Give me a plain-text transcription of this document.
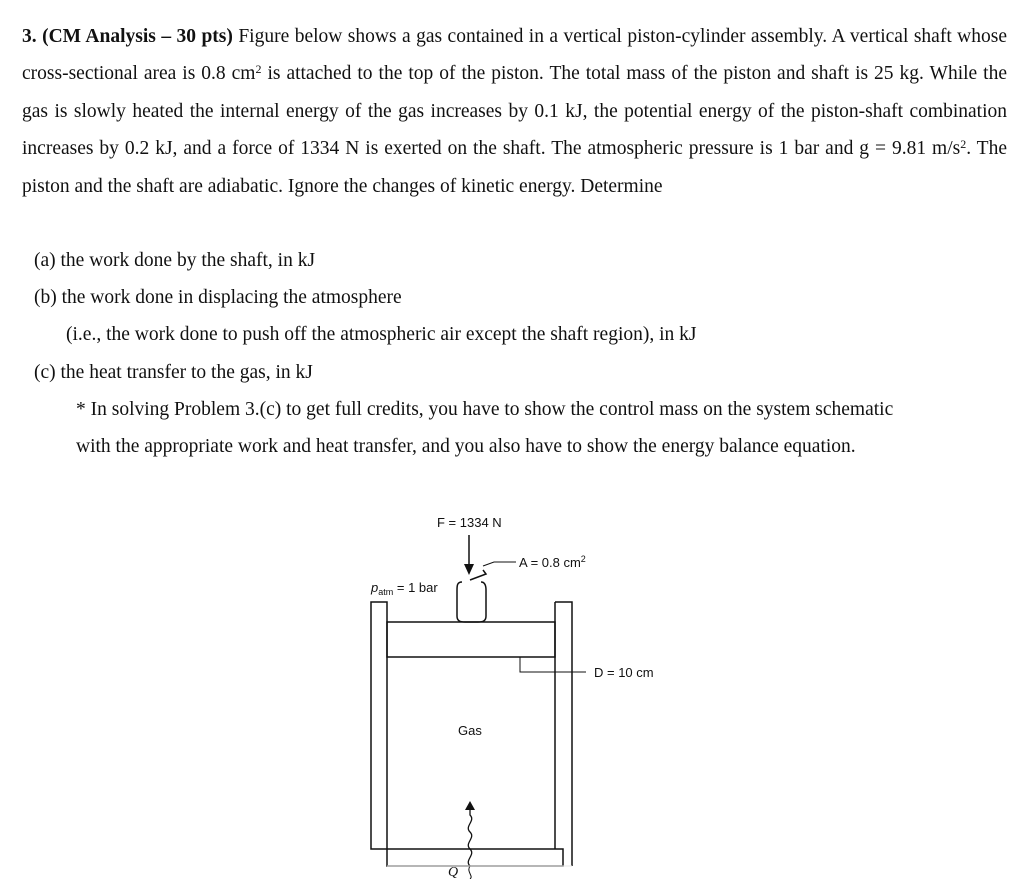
3. (CM Analysis – 30 pts) Figure below shows a gas contained in a vertical piston-cylinder assembly. A vertical shaft whose cross-sectional area is 0.8 $cm^2$ is attached to the top of the piston. The total mass of the piston and shaft is 25 kg. While the gas is slowly heated the internal energy of the gas increases by 0.1 kJ, the potential energy of the piston-shaft combination increases by 0.2 kJ, and a force of 1334 N is exerted on the shaft. The atmospheric pressure is 1 bar and g = 9.81 $m/s^2$. The piston and the shaft are adiabatic. Ignore the changes of kinetic energy. Determine

(a) the work done by the shaft, in kJ
(b) the work done in displacing the atmosphere
(i.e., the work done to push off the atmospheric air except the shaft region), in kJ
(c) the heat transfer to the gas, in kJ
* In solving Problem 3.(c) to get full credits, you have to show the control mass on the system schematic
with the appropriate work and heat transfer, and you also have to show the energy balance equation.
F = 1334 N
A = 0.8 $cm^2$
$p_{atm} = 1$ bar
D = 10 cm
Gas
Q
